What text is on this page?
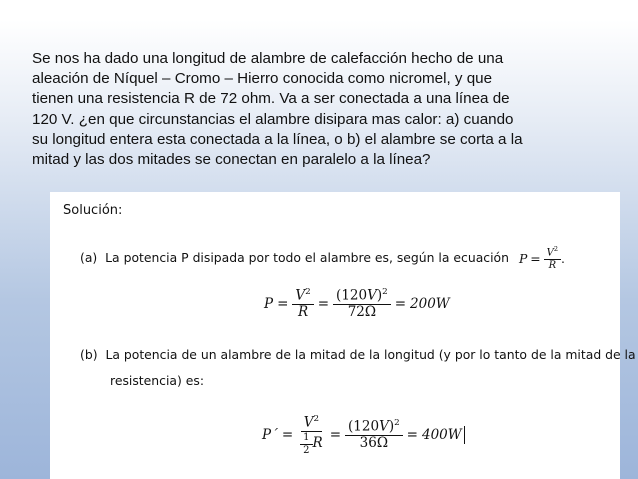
Se nos ha dado una longitud de alambre de calefacción hecho de una
aleación de Níquel – Cromo – Hierro conocida como nicromel, y que
tienen una resistencia R de 72 ohm. Va a ser conectada a una línea de
120 V. ¿en que circunstancias el alambre disipara mas calor: a) cuando
su longitud entera esta conectada a la línea, o b) el alambre se corta a la
mitad y las dos mitades se conectan en paralelo a la línea?
Solución:
(a) La potencia P disipada por todo el alambre es, según la ecuación $P = \frac{V^2}{R}$ .
$P = \frac{V^2}{R} = \frac{(120V)^2}{72\Omega} = 200W$
(b) La potencia de un alambre de la mitad de la longitud (y por lo tanto de la mitad de la
resistencia) es:
P´ = $\frac{V^2}{\frac{1}{2} R} = \frac{(120V)^2}{36\Omega} = 400W$
